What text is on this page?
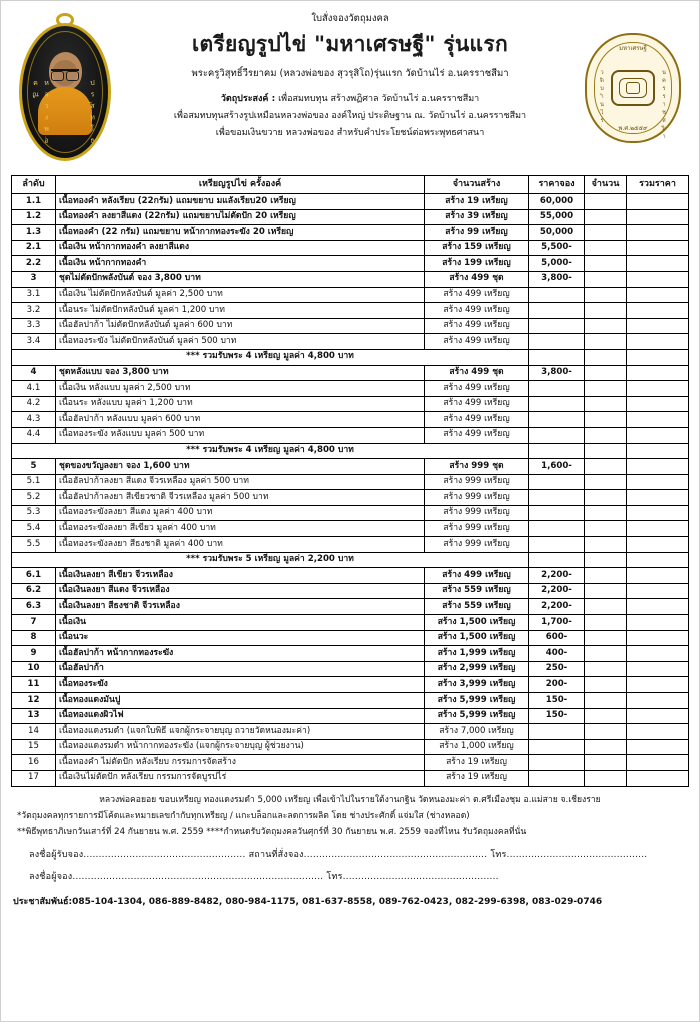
หลวงพ่อคูณ	ปริสุทฺโธ
ใบสั่งจองวัตถุมงคล
เตรียญรูปไข่ "มหาเศรษฐี" รุ่นแรก
พระครูวิสุทธิ์วีรยาคม (หลวงพ่อของ สุวรุสิโถ)รุ่นแรก วัดบ้านไร่ อ.นครราชสีมา
วัตถุประสงค์ : เพื่อสมทบทุน สร้างพฏิศาล วัดบ้านไร่ อ.นครราชสีมา
เพื่อสมทบทุนสร้างรูปเหมือนหลวงพ่อของ องค์ใหญ่ ประดิษฐาน ณ. วัดบ้านไร่ อ.นครราชสีมา
เพื่อขอมเงินขวาย หลวงพ่อของ สำหรับคำประโยชน์ต่อพระพุทธศาสนา
มหาเศรษฐี
วัดบ้านไร่	นครราชสีมา
พ.ศ.๒๕๕๙
ลำดับ	เหรียญรูปไข่ ครั้งองค์	จำนวนสร้าง	ราคาจอง	จำนวน	รวมราคา
1.1	เนื้อทองคำ หลังเรียบ (22กรัม) แถมขยาบ มแลังเรียบ20 เหรียญ	สร้าง 19 เหรียญ	60,000		
1.2	เนื้อทองคำ ลงยาสีแดง (22กรัม) แถมขยาบไม่ตัดปัก 20 เหรียญ	สร้าง 39 เหรียญ	55,000		
1.3	เนื้อทองคำ (22 กรัม) แถมขยาบ หน้ากากทองระฆัง 20 เหรียญ	สร้าง 99 เหรียญ	50,000		
2.1	เนื้อเงิน หน้ากากทองคำ ลงยาสีแดง	สร้าง 159 เหรียญ	5,500-		
2.2	เนื้อเงิน หน้ากากทองคำ	สร้าง 199 เหรียญ	5,000-		
3	ชุดไม่ตัดปักพลังบันต์ จอง 3,800 บาท	สร้าง 499 ชุด	3,800-		
3.1	เนื้อเงิน ไม่ตัดปักหลังบันต์ มูลค่า 2,500 บาท	สร้าง 499 เหรียญ			
3.2	เนื้อนระ ไม่ตัดปักหลังบันต์ มูลค่า 1,200 บาท	สร้าง 499 เหรียญ			
3.3	เนื้อฮัลปาก้า ไม่ตัดปักหลังบันต์ มูลค่า 600 บาท	สร้าง 499 เหรียญ			
3.4	เนื้อทองระฆัง ไม่ตัดปักหลังบันต์ มูลค่า 500 บาท	สร้าง 499 เหรียญ			
*** รวมรับพระ 4 เหรียญ มูลค่า 4,800 บาท					
4	ชุดหลังแบบ จอง 3,800 บาท	สร้าง 499 ชุด	3,800-		
4.1	เนื้อเงิน หลังแบบ มูลค่า 2,500 บาท	สร้าง 499 เหรียญ			
4.2	เนื้อนระ หลังแบบ มูลค่า 1,200 บาท	สร้าง 499 เหรียญ			
4.3	เนื้อฮัลปาก้า หลังแบบ มูลค่า 600 บาท	สร้าง 499 เหรียญ			
4.4	เนื้อทองระฆัง หลังแบบ มูลค่า 500 บาท	สร้าง 499 เหรียญ			
*** รวมรับพระ 4 เหรียญ มูลค่า 4,800 บาท					
5	ชุดของขวัญลงยา จอง 1,600 บาท	สร้าง 999 ชุด	1,600-		
5.1	เนื้อฮัลปาก้าลงยา สีแดง จีวรเหลือง มูลค่า 500 บาท	สร้าง 999 เหรียญ			
5.2	เนื้อฮัลปาก้าลงยา สีเขียวชาติ จีวรเหลือง มูลค่า 500 บาท	สร้าง 999 เหรียญ			
5.3	เนื้อทองระฆังลงยา สีแดง มูลค่า 400 บาท	สร้าง 999 เหรียญ			
5.4	เนื้อทองระฆังลงยา สีเขียว มูลค่า 400 บาท	สร้าง 999 เหรียญ			
5.5	เนื้อทองระฆังลงยา สีธงชาติ มูลค่า 400 บาท	สร้าง 999 เหรียญ			
*** รวมรับพระ 5 เหรียญ มูลค่า 2,200 บาท					
6.1	เนื้อเงินลงยา สีเขียว จีวรเหลือง	สร้าง 499 เหรียญ	2,200-		
6.2	เนื้อเงินลงยา สีแดง จีวรเหลือง	สร้าง 559 เหรียญ	2,200-		
6.3	เนื้อเงินลงยา สีธงชาติ จีวรเหลือง	สร้าง 559 เหรียญ	2,200-		
7	เนื้อเงิน	สร้าง 1,500 เหรียญ	1,700-		
8	เนื้อนวะ	สร้าง 1,500 เหรียญ	600-		
9	เนื้อฮัลปาก้า หน้ากากทองระฆัง	สร้าง 1,999 เหรียญ	400-		
10	เนื้อฮัลปาก้า	สร้าง 2,999 เหรียญ	250-		
11	เนื้อทองระฆัง	สร้าง 3,999 เหรียญ	200-		
12	เนื้อทองแดงมันปู	สร้าง 5,999 เหรียญ	150-		
13	เนื้อทองแดงผิวไฟ	สร้าง 5,999 เหรียญ	150-		
14	เนื้อทองแดงรมดำ (แจกใบพิธี แจกผู้กระจายบุญ ถวายวัดหนองมะค่า)	สร้าง 7,000 เหรียญ			
15	เนื้อทองแดงรมดำ หน้ากากทองระฆัง (แจกผู้กระจายบุญ ผู้ช่วยงาน)	สร้าง 1,000 เหรียญ			
16	เนื้อทองคำ ไม่ตัดปัก หลังเรียบ กรรมการจัดสร้าง	สร้าง 19 เหรียญ			
17	เนื้อเงินไม่ตัดปัก หลังเรียบ กรรมการจัดบูรปไร่	สร้าง 19 เหรียญ			
หลวงพ่อคอยอย ขอบเหรียญ ทองแดงรมดำ 5,000 เหรียญ เพื่อเข้าไปในรายใต้งานกฐิน วัดหนองมะค่า ต.ศรีเมืองชุม อ.แม่สาย จ.เชียงราย
*วัตถุมงคลทุกรายการมีโค้ดและหมายเลขกำกับทุกเหรียญ / แกะบล็อกและลดการผลิต โดย ช่างประศักดิ์ แจ่มใส (ช่างหลอด)
**พิธีพุทธาภิเษกวันเสาร์ที่ 24 กันยายน พ.ศ. 2559 ****กำหนดรับวัตถุมงคลวันศุกร์ที่ 30 กันยายน พ.ศ. 2559 จองที่ไหน รับวัตถุมงคลที่นั่น
ลงชื่อผู้รับจอง..................................................... สถานที่สั่งจอง............................................................ โทร..............................................
ลงชื่อผู้จอง.................................................................................. โทร...................................................
ประชาสัมพันธ์:085-104-1304, 086-889-8482, 080-984-1175, 081-637-8558, 089-762-0423, 082-299-6398, 083-029-0746
